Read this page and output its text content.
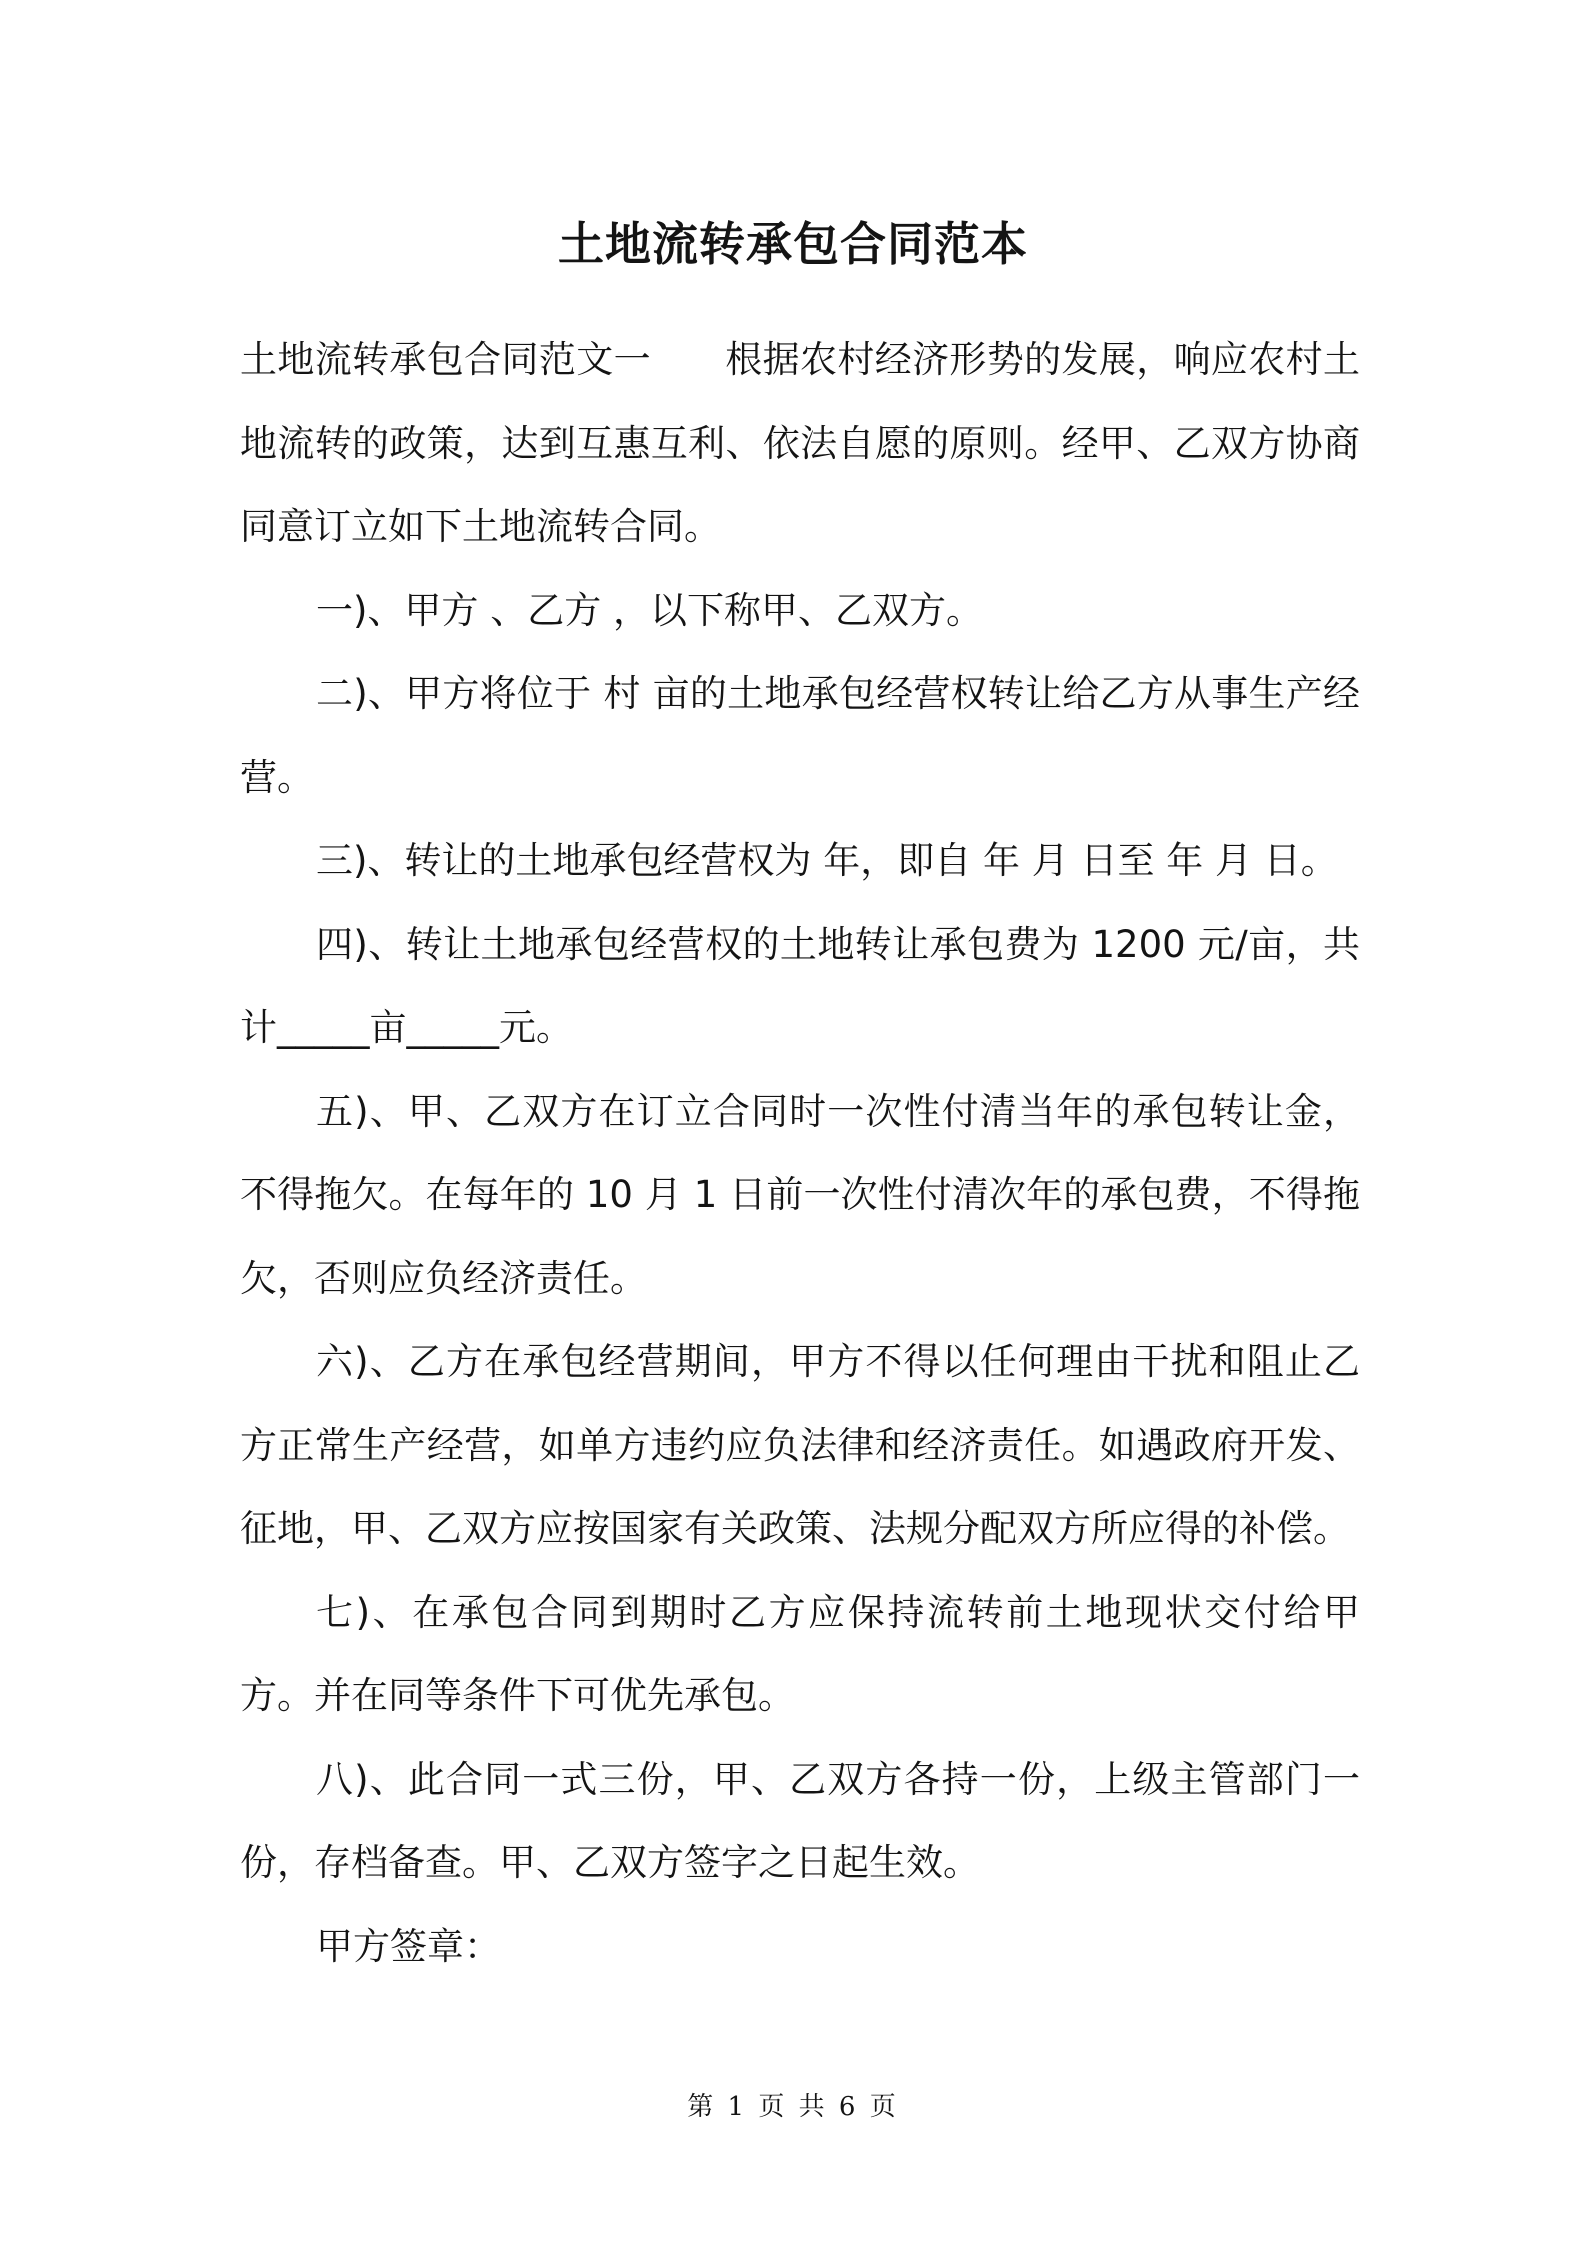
土地流转承包合同范本

土地流转承包合同范文一 根据农村经济形势的发展，响应农村土地流转的政策，达到互惠互利、依法自愿的原则。经甲、乙双方协商同意订立如下土地流转合同。

一)、甲方 、乙方 ，以下称甲、乙双方。

二)、甲方将位于 村 亩的土地承包经营权转让给乙方从事生产经营。

三)、转让的土地承包经营权为 年，即自 年 月 日至 年 月 日。

四)、转让土地承包经营权的土地转让承包费为 1200 元/亩，共计_____亩_____元。

五)、甲、乙双方在订立合同时一次性付清当年的承包转让金，不得拖欠。在每年的 10 月 1 日前一次性付清次年的承包费，不得拖欠，否则应负经济责任。

六)、乙方在承包经营期间，甲方不得以任何理由干扰和阻止乙方正常生产经营，如单方违约应负法律和经济责任。如遇政府开发、征地，甲、乙双方应按国家有关政策、法规分配双方所应得的补偿。

七)、在承包合同到期时乙方应保持流转前土地现状交付给甲方。并在同等条件下可优先承包。

八)、此合同一式三份，甲、乙双方各持一份，上级主管部门一份，存档备查。甲、乙双方签字之日起生效。

甲方签章：

第 1 页 共 6 页
